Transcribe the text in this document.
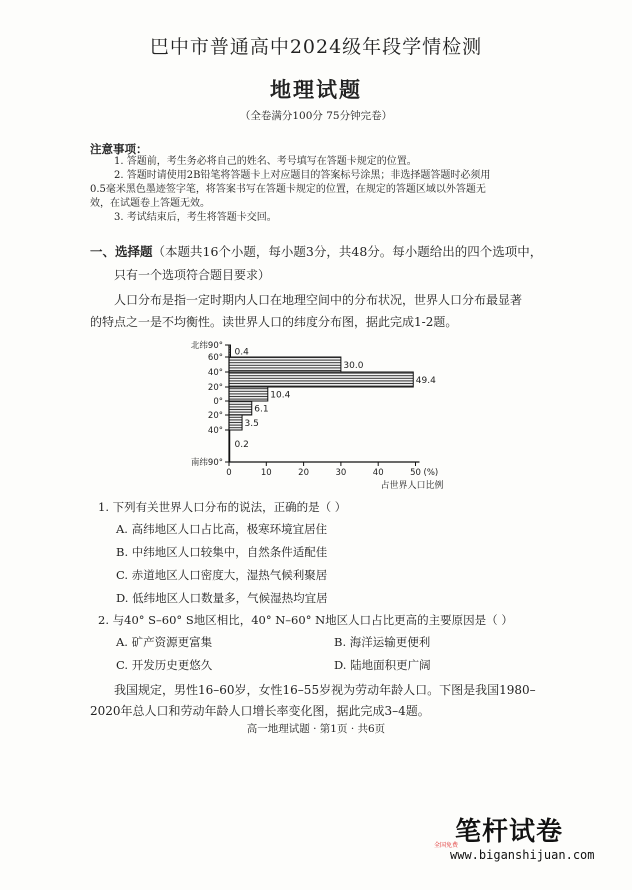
巴中市普通高中2024级年段学情检测
地理试题
（全卷满分100分 75分钟完卷）
注意事项：
1. 答题前，考生务必将自己的姓名、考号填写在答题卡规定的位置。
2. 答题时请使用2B铅笔将答题卡上对应题目的答案标号涂黑；非选择题答题时必须用
0.5毫米黑色墨迹签字笔，将答案书写在答题卡规定的位置，在规定的答题区域以外答题无
效，在试题卷上答题无效。
3. 考试结束后，考生将答题卡交回。
一、选择题（本题共16个小题，每小题3分，共48分。每小题给出的四个选项中，
只有一个选项符合题目要求）
人口分布是指一定时期内人口在地理空间中的分布状况，世界人口分布最显著
的特点之一是不均衡性。读世界人口的纬度分布图，据此完成1-2题。
0.4
30.0
49.4
10.4
6.1
3.5
0.2
北纬90°
60°
40°
20°
0°
20°
40°
南纬90°
0	10	20	30	40	50 (%)
占世界人口比例
1. 下列有关世界人口分布的说法，正确的是（ ）
A. 高纬地区人口占比高，极寒环境宜居住
B. 中纬地区人口较集中，自然条件适配佳
C. 赤道地区人口密度大，湿热气候利聚居
D. 低纬地区人口数量多，气候湿热均宜居
2. 与40° S–60° S地区相比，40° N–60° N地区人口占比更高的主要原因是（ ）
A. 矿产资源更富集	B. 海洋运输更便利
C. 开发历史更悠久	D. 陆地面积更广阔
我国规定，男性16–60岁，女性16–55岁视为劳动年龄人口。下图是我国1980–
2020年总人口和劳动年龄人口增长率变化图，据此完成3–4题。
高一地理试题 · 第1页 · 共6页
笔杆试卷
全国免费
www.biganshijuan.com
